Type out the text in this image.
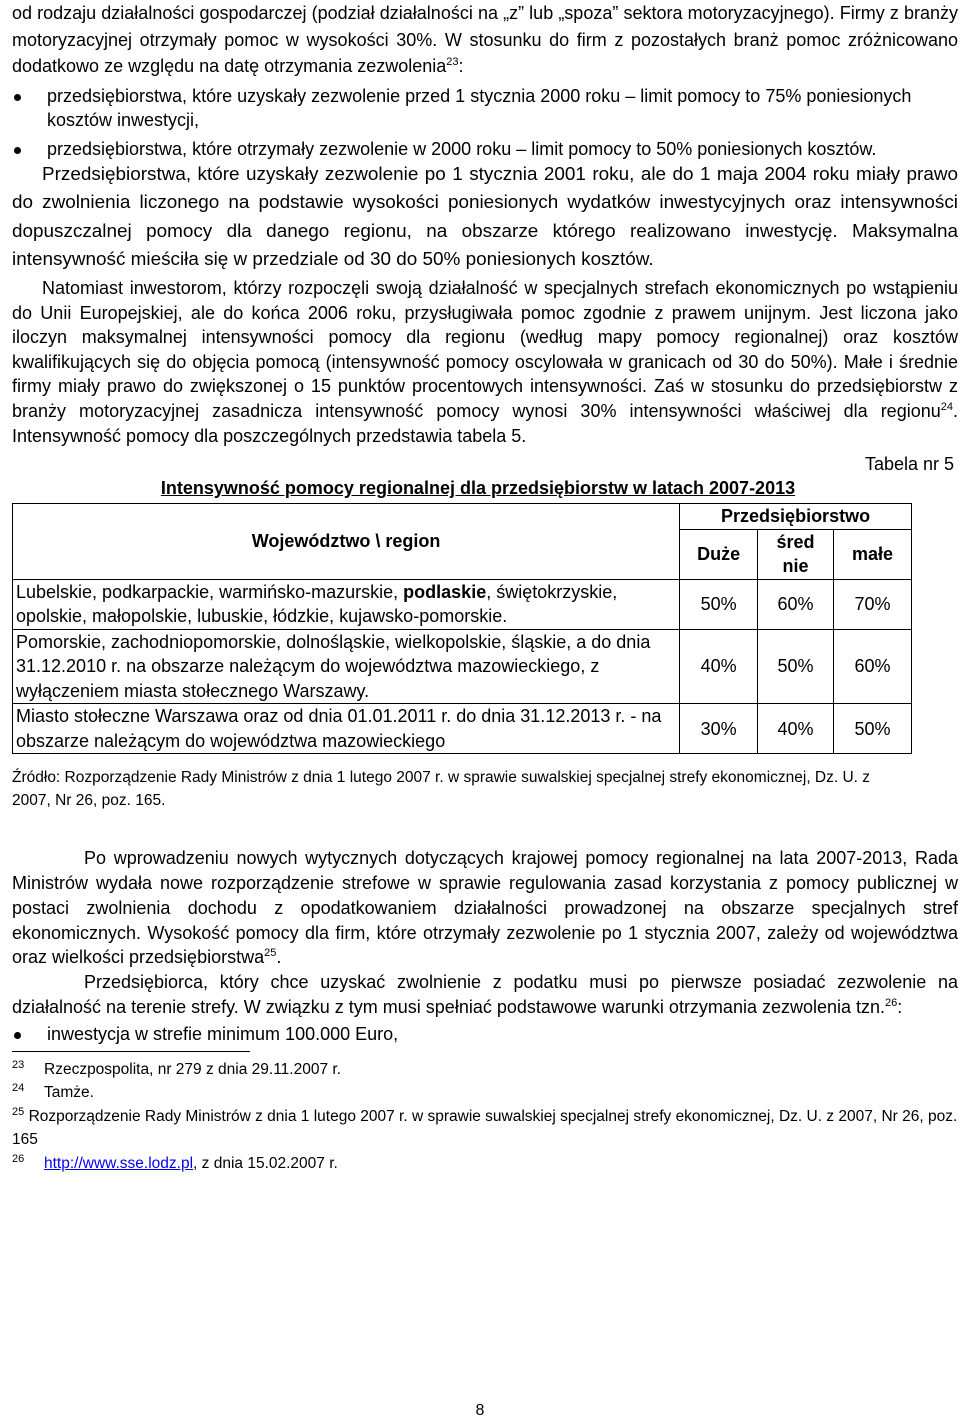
od rodzaju działalności gospodarczej (podział działalności na „z” lub „spoza” sektora motoryzacyjnego). Firmy z branży motoryzacyjnej otrzymały pomoc w wysokości 30%. W stosunku do firm z pozostałych branż pomoc zróżnicowano dodatkowo ze względu na datę otrzymania zezwolenia$^{23}$:

przedsiębiorstwa, które uzyskały zezwolenie przed 1 stycznia 2000 roku – limit pomocy to 75% poniesionych kosztów inwestycji,
przedsiębiorstwa, które otrzymały zezwolenie w 2000 roku – limit pomocy to 50% poniesionych kosztów.

Przedsiębiorstwa, które uzyskały zezwolenie po 1 stycznia 2001 roku, ale do 1 maja 2004 roku miały prawo do zwolnienia liczonego na podstawie wysokości poniesionych wydatków inwestycyjnych oraz intensywności dopuszczalnej pomocy dla danego regionu, na obszarze którego realizowano inwestycję. Maksymalna intensywność mieściła się w przedziale od 30 do 50% poniesionych kosztów.

Natomiast inwestorom, którzy rozpoczęli swoją działalność w specjalnych strefach ekonomicznych po wstąpieniu do Unii Europejskiej, ale do końca 2006 roku, przysługiwała pomoc zgodnie z prawem unijnym. Jest liczona jako iloczyn maksymalnej intensywności pomocy dla regionu (według mapy pomocy regionalnej) oraz kosztów kwalifikujących się do objęcia pomocą (intensywność pomocy oscylowała w granicach od 30 do 50%). Małe i średnie firmy miały prawo do zwiększonej o 15 punktów procentowych intensywności. Zaś w stosunku do przedsiębiorstw z branży motoryzacyjnej zasadnicza intensywność pomocy wynosi 30% intensywności właściwej dla regionu$^{24}$. Intensywność pomocy dla poszczególnych przedstawia tabela 5.

Tabela nr 5

Intensywność pomocy regionalnej dla przedsiębiorstw w latach 2007-2013

Województwo \ region	Przedsiębiorstwo		
	Duże	średnie	małe
Lubelskie, podkarpackie, warmińsko-mazurskie, podlaskie, świętokrzyskie, opolskie, małopolskie, lubuskie, łódzkie, kujawsko-pomorskie.	50%	60%	70%
Pomorskie, zachodniopomorskie, dolnośląskie, wielkopolskie, śląskie, a do dnia 31.12.2010 r. na obszarze należącym do województwa mazowieckiego, z wyłączeniem miasta stołecznego Warszawy.	40%	50%	60%
Miasto stołeczne Warszawa oraz od dnia 01.01.2011 r. do dnia 31.12.2013 r. - na obszarze należącym do województwa mazowieckiego	30%	40%	50%

Źródło: Rozporządzenie Rady Ministrów z dnia 1 lutego 2007 r. w sprawie suwalskiej specjalnej strefy ekonomicznej, Dz. U. z 2007, Nr 26, poz. 165.

Po wprowadzeniu nowych wytycznych dotyczących krajowej pomocy regionalnej na lata 2007-2013, Rada Ministrów wydała nowe rozporządzenie strefowe w sprawie regulowania zasad korzystania z pomocy publicznej w postaci zwolnienia dochodu z opodatkowaniem działalności prowadzonej na obszarze specjalnych stref ekonomicznych. Wysokość pomocy dla firm, które otrzymały zezwolenie po 1 stycznia 2007, zależy od województwa oraz wielkości przedsiębiorstwa$^{25}$.

Przedsiębiorca, który chce uzyskać zwolnienie z podatku musi po pierwsze posiadać zezwolenie na działalność na terenie strefy. W związku z tym musi spełniać podstawowe warunki otrzymania zezwolenia tzn.$^{26}$:

inwestycja w strefie minimum 100.000 Euro,
23 Rzeczpospolita, nr 279 z dnia 29.11.2007 r.
24 Tamże.
25 Rozporządzenie Rady Ministrów z dnia 1 lutego 2007 r. w sprawie suwalskiej specjalnej strefy ekonomicznej, Dz. U. z 2007, Nr 26, poz. 165
26 http://www.sse.lodz.pl, z dnia 15.02.2007 r.
8
